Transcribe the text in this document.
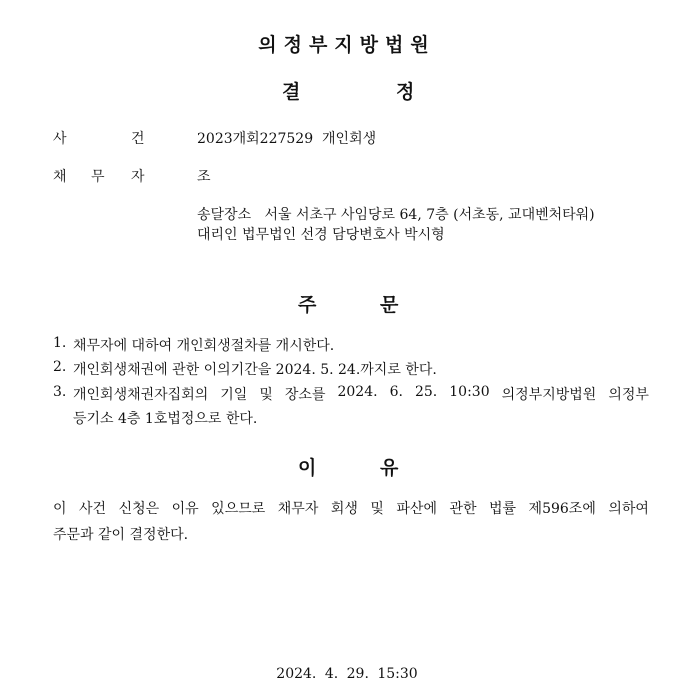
의정부지방법원
결	정
사	건	2023개회227529  개인회생
채 무 자	조
송달장소   서울 서초구 사임당로 64, 7층 (서초동, 교대벤처타워)
대리인 법무법인 선경 담당변호사 박시형
주	문
1. 채무자에 대하여 개인회생절차를 개시한다.
2. 개인회생채권에 관한 이의기간을 2024. 5. 24.까지로 한다.
3. 개인회생채권자집회의 기일 및 장소를 2024. 6. 25. 10:30 의정부지방법원 의정부
등기소 4층 1호법정으로 한다.
이	유
이 사건 신청은 이유 있으므로 채무자 회생 및 파산에 관한 법률 제596조에 의하여
주문과 같이 결정한다.
2024. 4. 29. 15:30
